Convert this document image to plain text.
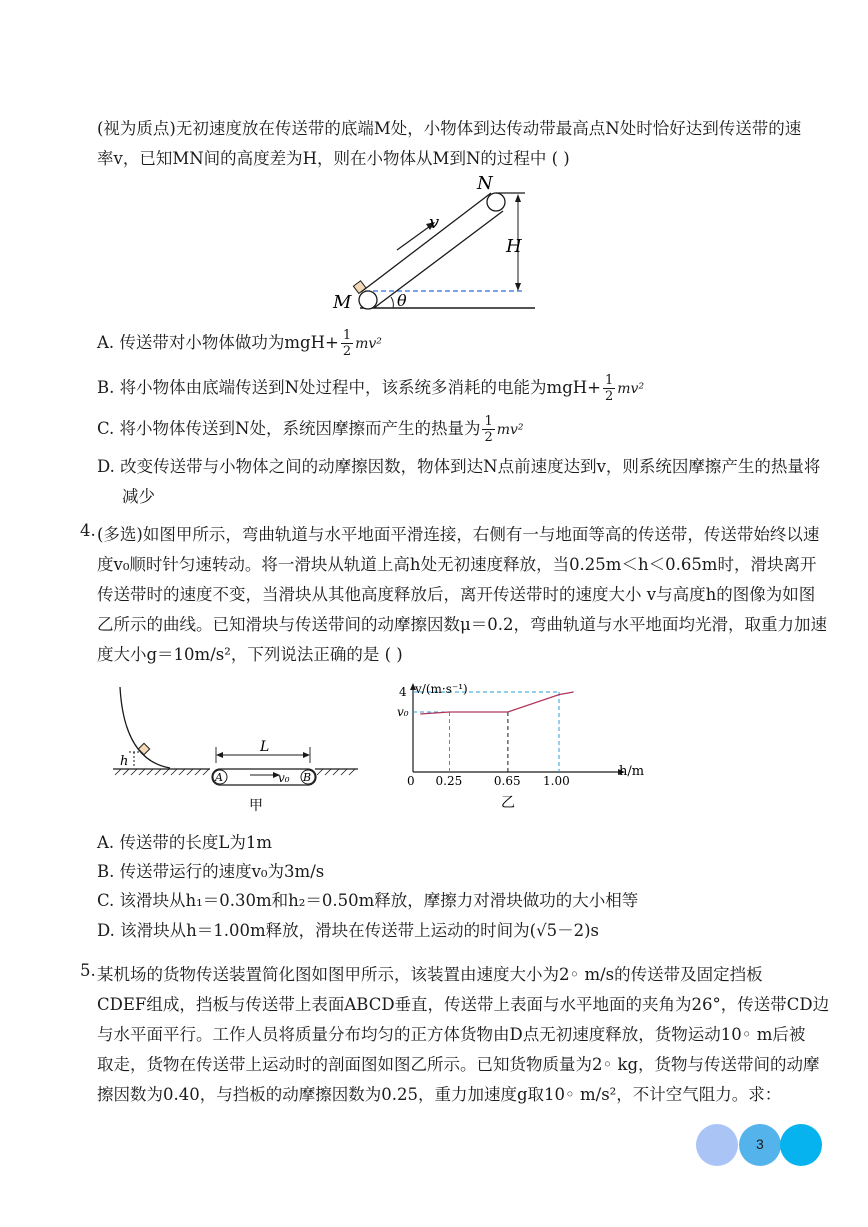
(视为质点)无初速度放在传送带的底端M处，小物体到达传动带最高点N处时恰好达到传送带的速
率v，已知MN间的高度差为H，则在小物体从M到N的过程中 ( )
N
M
v
H
θ
A. 传送带对小物体做功为$mgH+ \frac{1}{2} mv^2$
B. 将小物体由底端传送到N处过程中，该系统多消耗的电能为$mgH+ \frac{1}{2} mv^2$
C. 将小物体传送到N处，系统因摩擦而产生的热量为 $\frac{1}{2} mv^2$
D. 改变传送带与小物体之间的动摩擦因数，物体到达N点前速度达到v，则系统因摩擦产生的热量将
减少
4. (多选)如图甲所示，弯曲轨道与水平地面平滑连接，右侧有一与地面等高的传送带，传送带始终以速
度v₀顺时针匀速转动。将一滑块从轨道上高h处无初速度释放，当0.25m＜h＜0.65m时，滑块离开
传送带时的速度不变，当滑块从其他高度释放后，离开传送带时的速度大小 v与高度h的图像为如图
乙所示的曲线。已知滑块与传送带间的动摩擦因数μ＝0.2，弯曲轨道与水平地面均光滑，取重力加速
度大小g＝10m/s²，下列说法正确的是 ( )
h
A	B
v₀
L
甲
v/(m·s⁻¹)
h/m
0 0.25	0.65 1.00
v₀
4
乙
A. 传送带的长度L为1m
B. 传送带运行的速度v₀为3m/s
C. 该滑块从h₁＝0.30m和h₂＝0.50m释放，摩擦力对滑块做功的大小相等
D. 该滑块从h＝1.00m释放，滑块在传送带上运动的时间为(√5－2)s
5. 某机场的货物传送装置简化图如图甲所示，该装置由速度大小为2◦ m/s的传送带及固定挡板
CDEF组成，挡板与传送带上表面ABCD垂直，传送带上表面与水平地面的夹角为26°，传送带CD边
与水平面平行。工作人员将质量分布均匀的正方体货物由D点无初速度释放，货物运动10◦ m后被
取走，货物在传送带上运动时的剖面图如图乙所示。已知货物质量为2◦ kg，货物与传送带间的动摩
擦因数为0.40，与挡板的动摩擦因数为0.25，重力加速度g取10◦ m/s²，不计空气阻力。求：
3
